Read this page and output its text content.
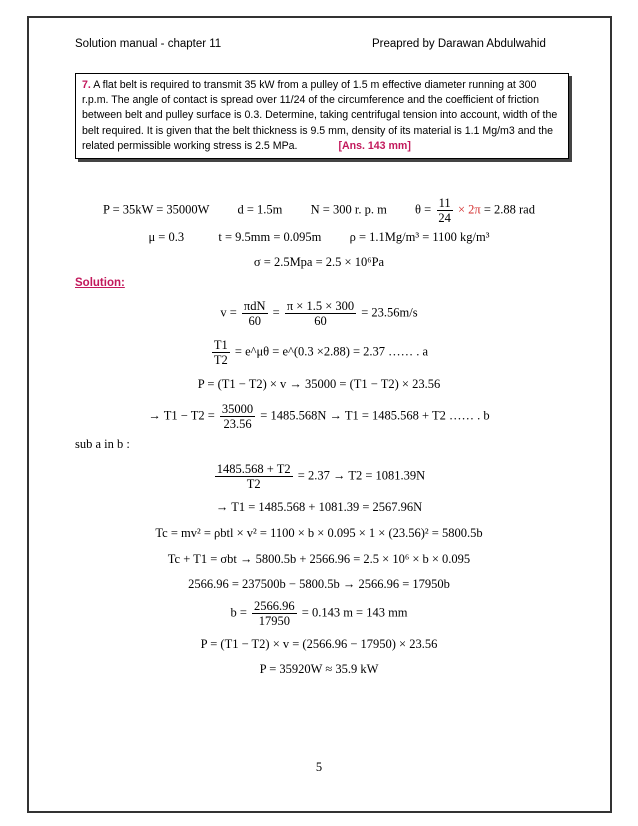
Solution manual - chapter 11	Preapred by Darawan Abdulwahid
7. A flat belt is required to transmit 35 kW from a pulley of 1.5 m effective diameter running at 300 r.p.m. The angle of contact is spread over 11/24 of the circumference and the coefficient of friction between belt and pulley surface is 0.3. Determine, taking centrifugal tension into account, width of the belt required. It is given that the belt thickness is 9.5 mm, density of its material is 1.1 Mg/m3 and the related permissible working stress is 2.5 MPa.	[Ans. 143 mm]
P = 35kW = 35000W d = 1.5m N = 300 r. p. m $\theta = \frac{11}{24} \times 2\pi = 2.88$ rad
μ = 0.3	t = 9.5mm = 0.095m ρ = 1.1Mg/m³ = 1100 kg/m³
σ = 2.5Mpa = 2.5 × 10⁶Pa
Solution:
$v = \frac{\text{πdN}}{60} = \frac{\pi \times 1.5 \times 300}{60} = 23.56m/s$
$\frac{T1}{T2}$ = e^μθ = e^(0.3 ×2.88) = 2.37 …… . a
P = (T1 − T2) × v → 35000 = (T1 − T2) × 23.56
→ $T1 - T2 = \frac{35000}{23.56} = 1485.568N \to T1 = 1485.568 + T2$ …… . b
sub a in b :
$\frac{1485.568 + T2}{T2} = 2.37 \to T2 = 1081.39N$
→ T1 = 1485.568 + 1081.39 = 2567.96N
Tc = mv² = ρbtl × v² = 1100 × b × 0.095 × 1 × (23.56)² = 5800.5b
Tc + T1 = σbt → 5800.5b + 2566.96 = 2.5 × 10⁶ × b × 0.095
2566.96 = 237500b − 5800.5b → 2566.96 = 17950b
$b = \frac{2566.96}{17950} = 0.143$ m = 143 mm
P = (T1 − T2) × v = (2566.96 − 17950) × 23.56
P = 35920W ≈ 35.9 kW
5
